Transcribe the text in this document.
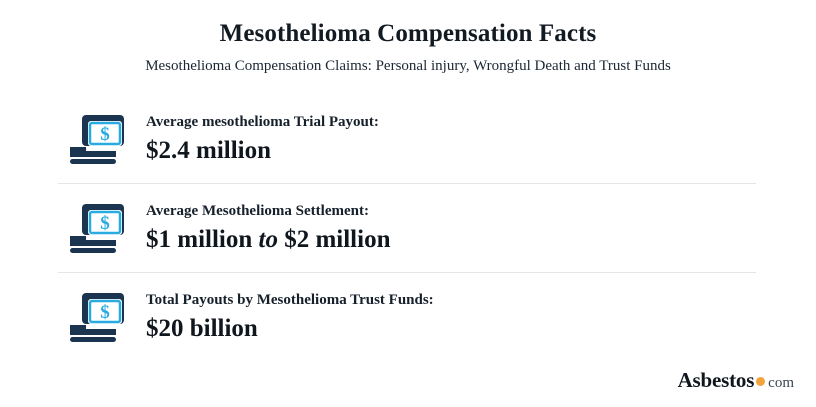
Mesothelioma Compensation Facts
Mesothelioma Compensation Claims: Personal injury, Wrongful Death and Trust Funds
$
Average mesothelioma Trial Payout:
$2.4 million
$
Average Mesothelioma Settlement:
$1 million to $2 million
$
Total Payouts by Mesothelioma Trust Funds:
$20 billion
Asbestos com
